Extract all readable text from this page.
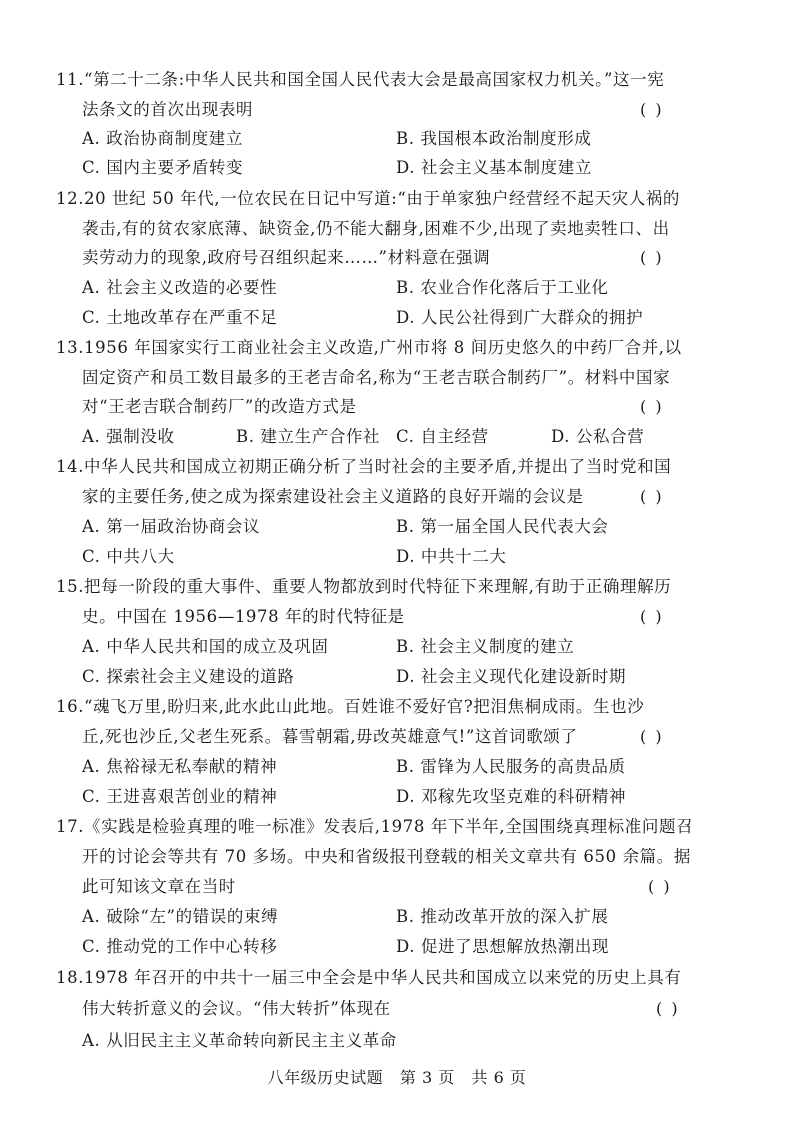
11.“第二十二条:中华人民共和国全国人民代表大会是最高国家权力机关。”这一宪
法条文的首次出现表明	( )
A. 政治协商制度建立	B. 我国根本政治制度形成
C. 国内主要矛盾转变	D. 社会主义基本制度建立
12.20 世纪 50 年代,一位农民在日记中写道:“由于单家独户经营经不起天灾人祸的
袭击,有的贫农家底薄、缺资金,仍不能大翻身,困难不少,出现了卖地卖牲口、出
卖劳动力的现象,政府号召组织起来……”材料意在强调	( )
A. 社会主义改造的必要性	B. 农业合作化落后于工业化
C. 土地改革存在严重不足	D. 人民公社得到广大群众的拥护
13.1956 年国家实行工商业社会主义改造,广州市将 8 间历史悠久的中药厂合并,以
固定资产和员工数目最多的王老吉命名,称为“王老吉联合制药厂”。材料中国家
对“王老吉联合制药厂”的改造方式是	( )
A. 强制没收	B. 建立生产合作社 C. 自主经营	D. 公私合营
14.中华人民共和国成立初期正确分析了当时社会的主要矛盾,并提出了当时党和国
家的主要任务,使之成为探索建设社会主义道路的良好开端的会议是	( )
A. 第一届政治协商会议	B. 第一届全国人民代表大会
C. 中共八大	D. 中共十二大
15.把每一阶段的重大事件、重要人物都放到时代特征下来理解,有助于正确理解历
史。中国在 1956—1978 年的时代特征是	( )
A. 中华人民共和国的成立及巩固	B. 社会主义制度的建立
C. 探索社会主义建设的道路	D. 社会主义现代化建设新时期
16.“魂飞万里,盼归来,此水此山此地。百姓谁不爱好官?把泪焦桐成雨。生也沙
丘,死也沙丘,父老生死系。暮雪朝霜,毋改英雄意气!”这首词歌颂了	( )
A. 焦裕禄无私奉献的精神	B. 雷锋为人民服务的高贵品质
C. 王进喜艰苦创业的精神	D. 邓稼先攻坚克难的科研精神
17.《实践是检验真理的唯一标准》发表后,1978 年下半年,全国围绕真理标准问题召
开的讨论会等共有 70 多场。中央和省级报刊登载的相关文章共有 650 余篇。据
此可知该文章在当时	( )
A. 破除“左”的错误的束缚	B. 推动改革开放的深入扩展
C. 推动党的工作中心转移	D. 促进了思想解放热潮出现
18.1978 年召开的中共十一届三中全会是中华人民共和国成立以来党的历史上具有
伟大转折意义的会议。“伟大转折”体现在	( )
A. 从旧民主主义革命转向新民主主义革命
八年级历史试题   第 3 页   共 6 页
